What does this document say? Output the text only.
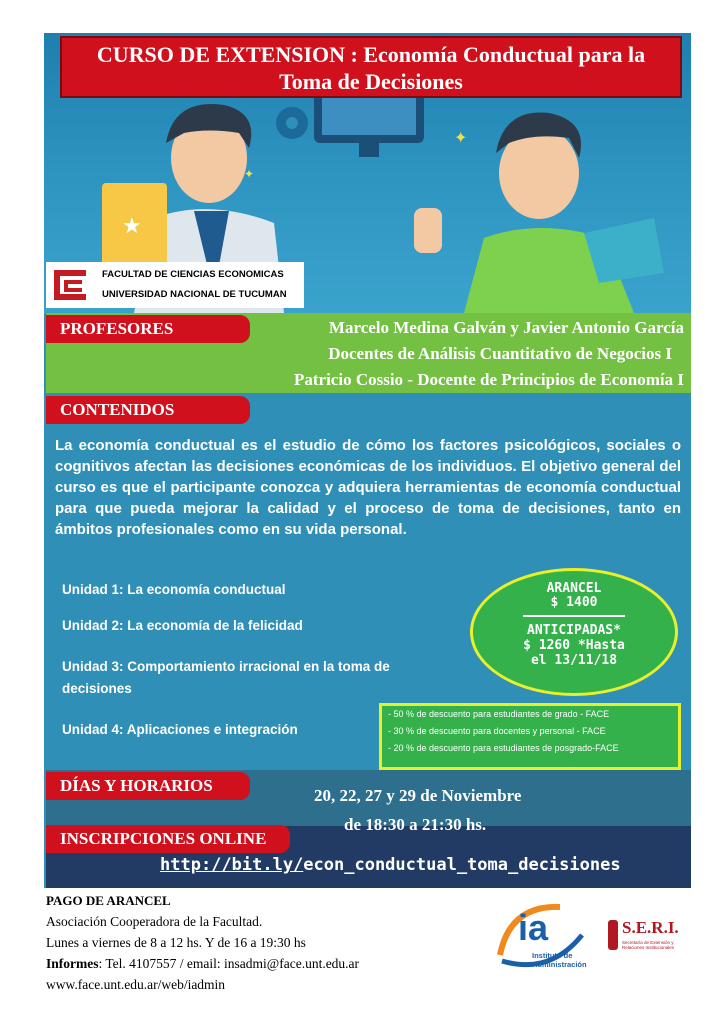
✦
✦
★
CURSO DE EXTENSION : Economía Conductual para la
Toma de Decisiones
FACULTAD DE CIENCIAS ECONOMICAS
UNIVERSIDAD NACIONAL DE TUCUMAN
PROFESORES	Marcelo Medina Galván y Javier Antonio García
Docentes de Análisis Cuantitativo de Negocios I
Patricio Cossio - Docente de Principios de Economía I
CONTENIDOS
La economía conductual es el estudio de cómo los factores psicológicos, sociales o cognitivos afectan las decisiones económicas de los individuos. El objetivo general del curso es que el participante conozca y adquiera herramientas de economía conductual para que pueda mejorar la calidad y el proceso de toma de decisiones, tanto en ámbitos profesionales como en su vida personal.
Unidad 1: La economía conductual
Unidad 2: La economía de la felicidad
Unidad 3: Comportamiento irracional en la toma de
decisiones
Unidad 4: Aplicaciones e integración
ARANCEL
$ 1400
ANTICIPADAS*
$ 1260 *Hasta
el 13/11/18
- 50 % de descuento para estudiantes de grado - FACE
- 30 % de descuento para docentes y personal - FACE
- 20 % de descuento para estudiantes de posgrado-FACE
DÍAS Y HORARIOS
20, 22, 27 y 29 de Noviembre
de 18:30 a 21:30 hs.
INSCRIPCIONES ONLINE
http://bit.ly/econ_conductual_toma_decisiones
PAGO DE ARANCEL
Asociación Cooperadora de la Facultad.
Lunes a viernes de 8 a 12 hs. Y de 16 a 19:30 hs
Informes: Tel. 4107557 / email: insadmi@face.unt.edu.ar
www.face.unt.edu.ar/web/iadmin
ia
Instituto de
Administración
S.E.R.I.
Secretaría de Extensión y Relaciones Institucionales
